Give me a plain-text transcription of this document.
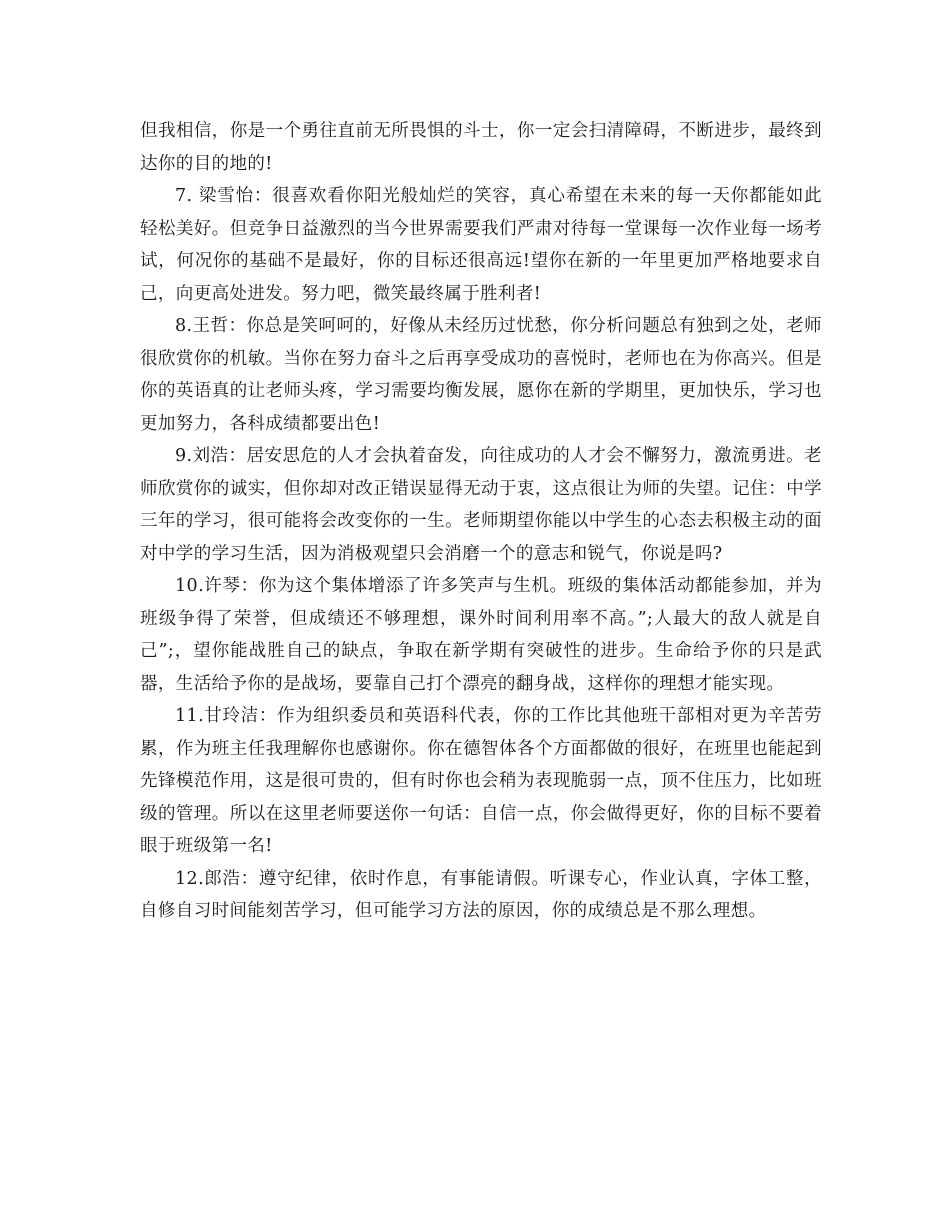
但我相信，你是一个勇往直前无所畏惧的斗士，你一定会扫清障碍，不断进步，最终到达你的目的地的!

7. 梁雪怡：很喜欢看你阳光般灿烂的笑容，真心希望在未来的每一天你都能如此轻松美好。但竞争日益激烈的当今世界需要我们严肃对待每一堂课每一次作业每一场考试，何况你的基础不是最好，你的目标还很高远!望你在新的一年里更加严格地要求自己，向更高处进发。努力吧，微笑最终属于胜利者!

8.王哲：你总是笑呵呵的，好像从未经历过忧愁，你分析问题总有独到之处，老师很欣赏你的机敏。当你在努力奋斗之后再享受成功的喜悦时，老师也在为你高兴。但是你的英语真的让老师头疼，学习需要均衡发展，愿你在新的学期里，更加快乐，学习也更加努力，各科成绩都要出色!

9.刘浩：居安思危的人才会执着奋发，向往成功的人才会不懈努力，激流勇进。老师欣赏你的诚实，但你却对改正错误显得无动于衷，这点很让为师的失望。记住：中学三年的学习，很可能将会改变你的一生。老师期望你能以中学生的心态去积极主动的面对中学的学习生活，因为消极观望只会消磨一个的意志和锐气，你说是吗?

10.许琴：你为这个集体增添了许多笑声与生机。班级的集体活动都能参加，并为班级争得了荣誉，但成绩还不够理想，课外时间利用率不高。”;人最大的敌人就是自己”;，望你能战胜自己的缺点，争取在新学期有突破性的进步。生命给予你的只是武器，生活给予你的是战场，要靠自己打个漂亮的翻身战，这样你的理想才能实现。

11.甘玲洁：作为组织委员和英语科代表，你的工作比其他班干部相对更为辛苦劳累，作为班主任我理解你也感谢你。你在德智体各个方面都做的很好，在班里也能起到先锋模范作用，这是很可贵的，但有时你也会稍为表现脆弱一点，顶不住压力，比如班级的管理。所以在这里老师要送你一句话：自信一点，你会做得更好，你的目标不要着眼于班级第一名!

12.郎浩：遵守纪律，依时作息，有事能请假。听课专心，作业认真，字体工整，自修自习时间能刻苦学习，但可能学习方法的原因，你的成绩总是不那么理想。
